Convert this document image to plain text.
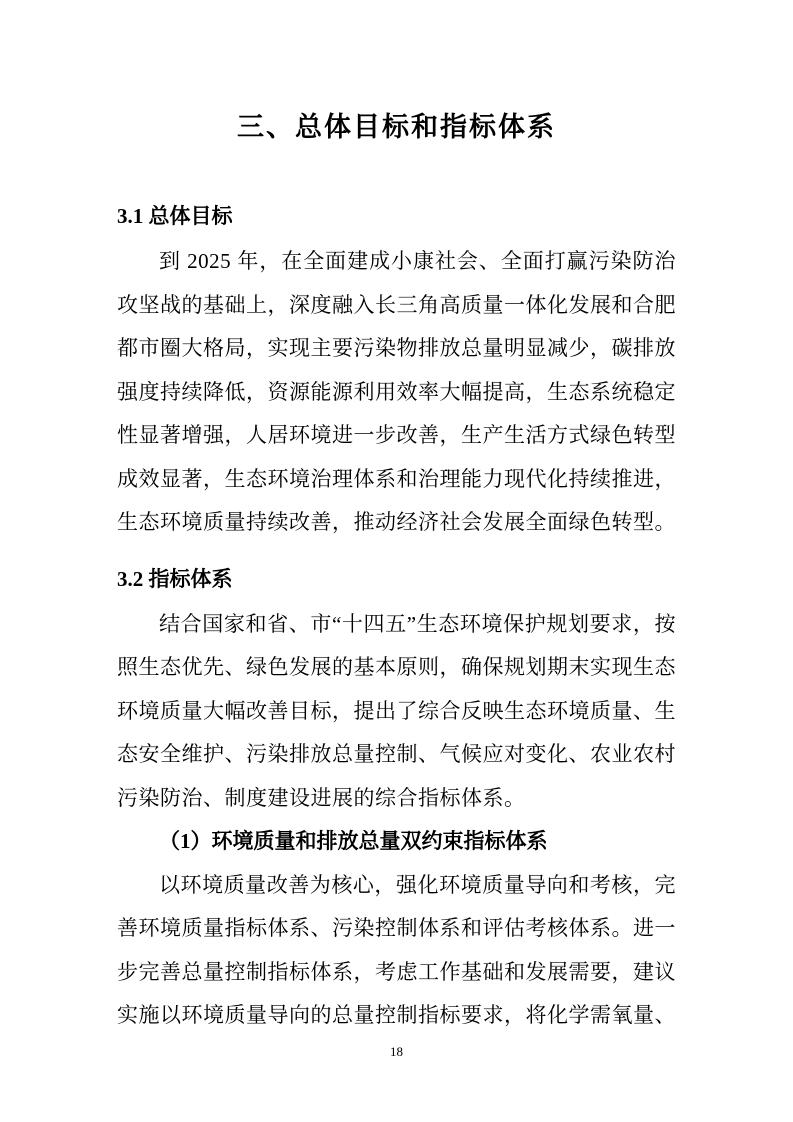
三、总体目标和指标体系
3.1 总体目标

到 2025 年，在全面建成小康社会、全面打赢污染防治攻坚战的基础上，深度融入长三角高质量一体化发展和合肥都市圈大格局，实现主要污染物排放总量明显减少，碳排放强度持续降低，资源能源利用效率大幅提高，生态系统稳定性显著增强，人居环境进一步改善，生产生活方式绿色转型成效显著，生态环境治理体系和治理能力现代化持续推进，生态环境质量持续改善，推动经济社会发展全面绿色转型。

3.2 指标体系

结合国家和省、市“十四五”生态环境保护规划要求，按照生态优先、绿色发展的基本原则，确保规划期末实现生态环境质量大幅改善目标，提出了综合反映生态环境质量、生态安全维护、污染排放总量控制、气候应对变化、农业农村污染防治、制度建设进展的综合指标体系。

（1）环境质量和排放总量双约束指标体系

以环境质量改善为核心，强化环境质量导向和考核，完善环境质量指标体系、污染控制体系和评估考核体系。进一步完善总量控制指标体系，考虑工作基础和发展需要，建议实施以环境质量导向的总量控制指标要求，将化学需氧量、

18
